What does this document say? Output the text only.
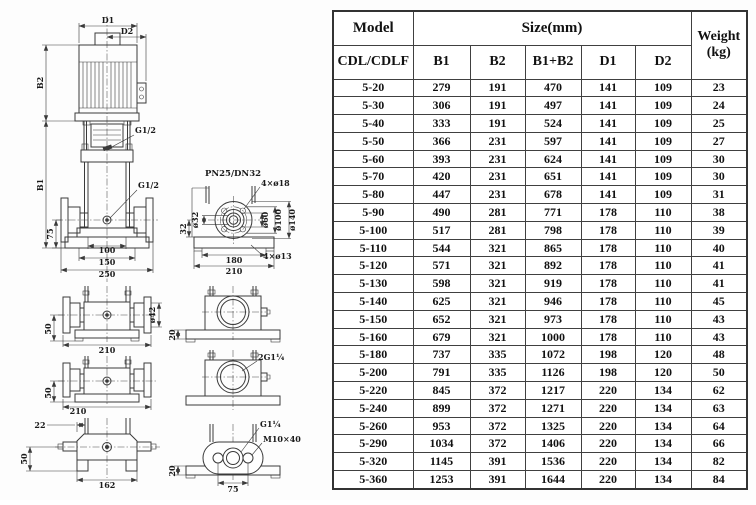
D1
D2
B2
B1
G1/2
G1/2
75
100
150
250
PN25/DN32
4×ø18
ø32	ø60 ø100 ø140
32
180
210
4×ø13
50
210
ø42
50
210
22
50
162
20
2G1¼
G1¼
M10×40
75
20
Model	Size(mm)					Weight
(kg)

CDL/CDLF	B1	B2	B1+B2	D1	D2	
5-20	279	191	470	141	109	23
5-30	306	191	497	141	109	24
5-40	333	191	524	141	109	25
5-50	366	231	597	141	109	27
5-60	393	231	624	141	109	30
5-70	420	231	651	141	109	30
5-80	447	231	678	141	109	31
5-90	490	281	771	178	110	38
5-100	517	281	798	178	110	39
5-110	544	321	865	178	110	40
5-120	571	321	892	178	110	41
5-130	598	321	919	178	110	41
5-140	625	321	946	178	110	45
5-150	652	321	973	178	110	43
5-160	679	321	1000	178	110	43
5-180	737	335	1072	198	120	48
5-200	791	335	1126	198	120	50
5-220	845	372	1217	220	134	62
5-240	899	372	1271	220	134	63
5-260	953	372	1325	220	134	64
5-290	1034	372	1406	220	134	66
5-320	1145	391	1536	220	134	82
5-360	1253	391	1644	220	134	84
